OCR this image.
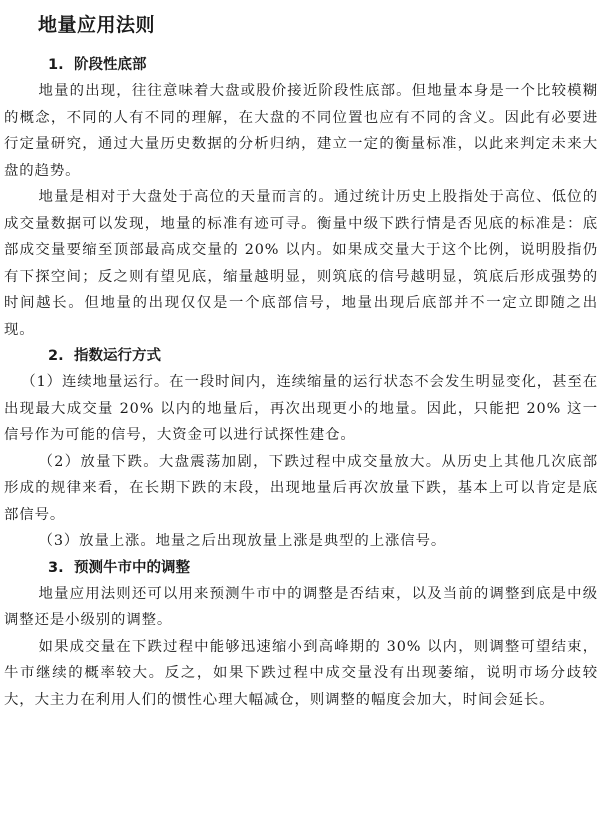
地量应用法则
1. 阶段性底部

地量的出现，往往意味着大盘或股价接近阶段性底部。但地量本身是一个比较模糊的概念，不同的人有不同的理解，在大盘的不同位置也应有不同的含义。因此有必要进行定量研究，通过大量历史数据的分析归纳，建立一定的衡量标准，以此来判定未来大盘的趋势。

地量是相对于大盘处于高位的天量而言的。通过统计历史上股指处于高位、低位的成交量数据可以发现，地量的标准有迹可寻。衡量中级下跌行情是否见底的标准是：底部成交量要缩至顶部最高成交量的 20% 以内。如果成交量大于这个比例，说明股指仍有下探空间；反之则有望见底，缩量越明显，则筑底的信号越明显，筑底后形成强势的时间越长。但地量的出现仅仅是一个底部信号，地量出现后底部并不一定立即随之出现。

2. 指数运行方式

（1）连续地量运行。在一段时间内，连续缩量的运行状态不会发生明显变化，甚至在出现最大成交量 20% 以内的地量后，再次出现更小的地量。因此，只能把 20% 这一信号作为可能的信号，大资金可以进行试探性建仓。

（2）放量下跌。大盘震荡加剧，下跌过程中成交量放大。从历史上其他几次底部形成的规律来看，在长期下跌的末段，出现地量后再次放量下跌，基本上可以肯定是底部信号。

（3）放量上涨。地量之后出现放量上涨是典型的上涨信号。

3. 预测牛市中的调整

地量应用法则还可以用来预测牛市中的调整是否结束，以及当前的调整到底是中级调整还是小级别的调整。

如果成交量在下跌过程中能够迅速缩小到高峰期的 30% 以内，则调整可望结束，牛市继续的概率较大。反之，如果下跌过程中成交量没有出现萎缩，说明市场分歧较大，大主力在利用人们的惯性心理大幅减仓，则调整的幅度会加大，时间会延长。
